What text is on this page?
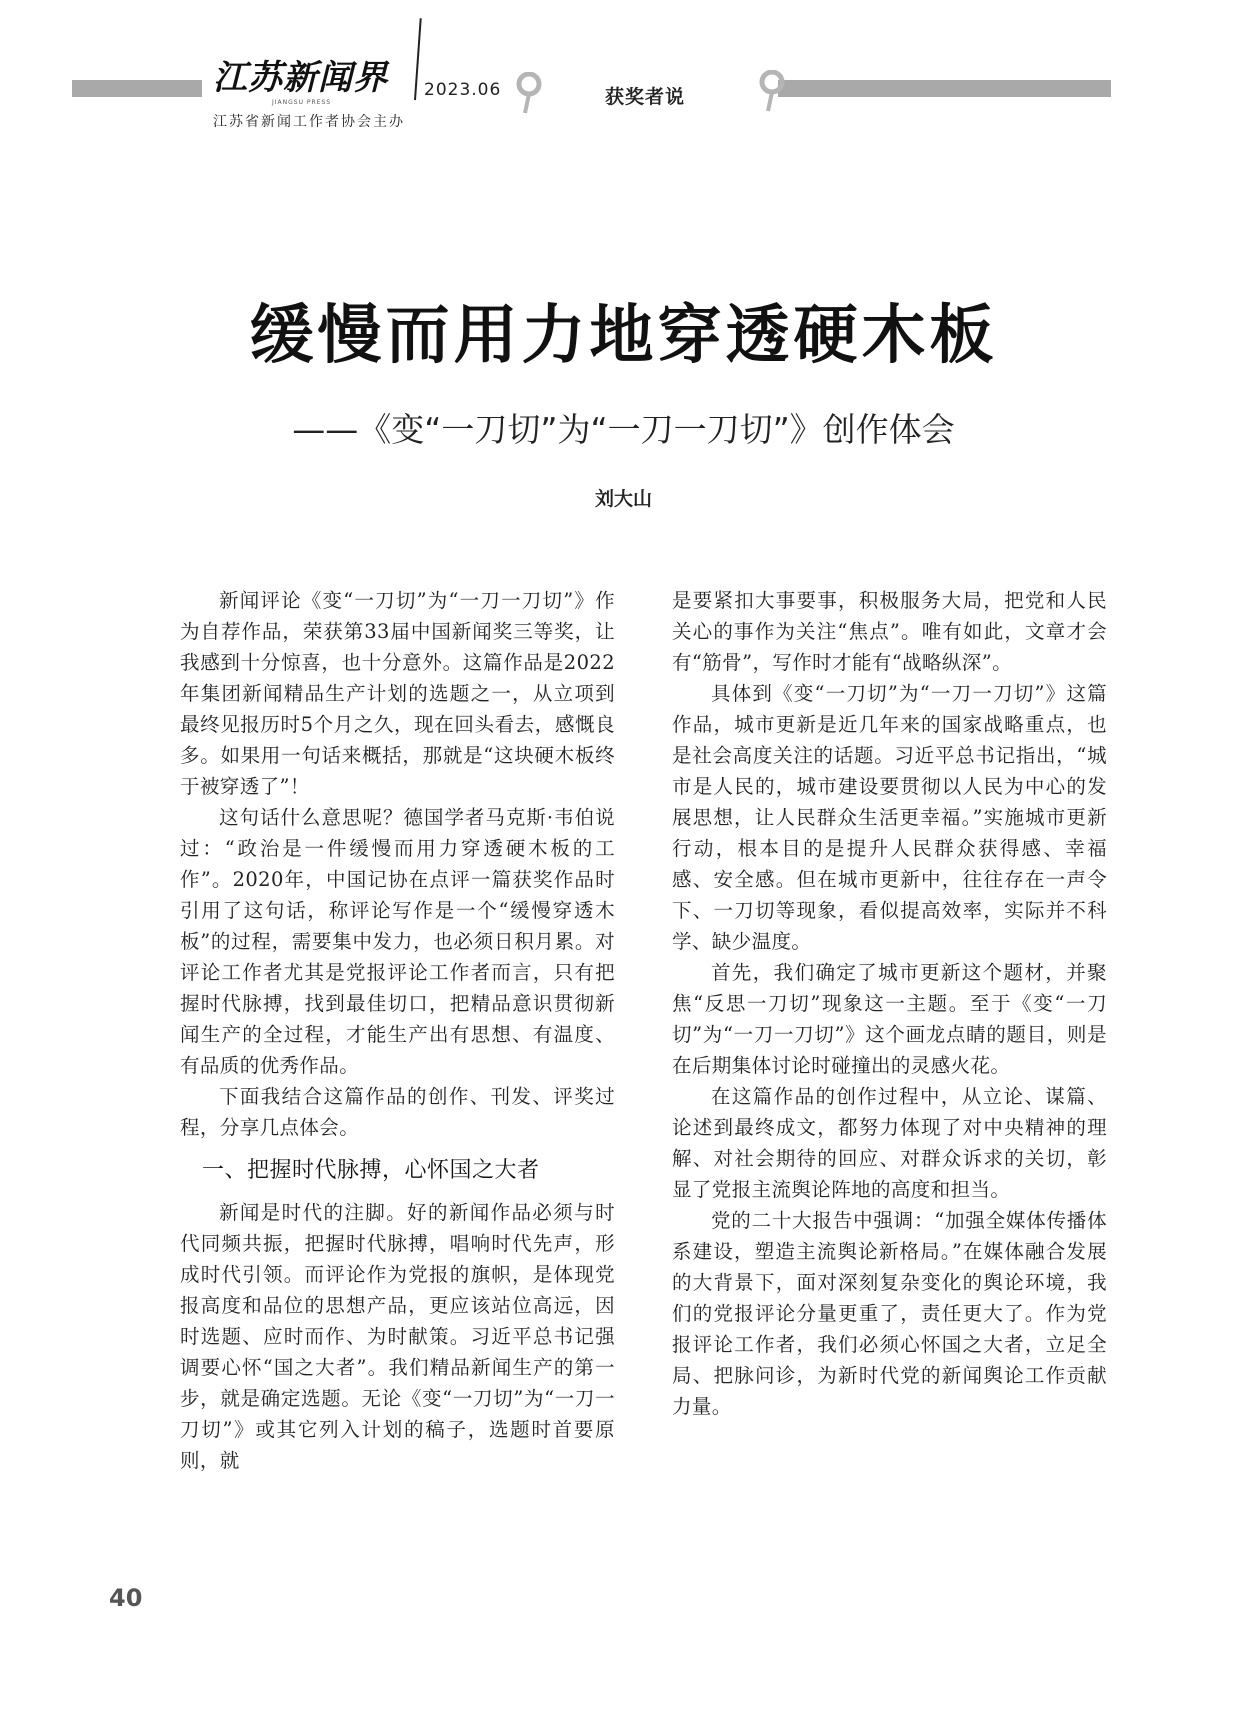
江苏新闻界
JIANGSU PRESS
2023.06
江苏省新闻工作者协会主办
获奖者说
缓慢而用力地穿透硬木板
——《变“一刀切”为“一刀一刀切”》创作体会
刘大山

新闻评论《变“一刀切”为“一刀一刀切”》作为自荐作品，荣获第33届中国新闻奖三等奖，让我感到十分惊喜，也十分意外。这篇作品是2022年集团新闻精品生产计划的选题之一，从立项到最终见报历时5个月之久，现在回头看去，感慨良多。如果用一句话来概括，那就是“这块硬木板终于被穿透了”！

这句话什么意思呢？德国学者马克斯·韦伯说过：“政治是一件缓慢而用力穿透硬木板的工作”。2020年，中国记协在点评一篇获奖作品时引用了这句话，称评论写作是一个“缓慢穿透木板”的过程，需要集中发力，也必须日积月累。对评论工作者尤其是党报评论工作者而言，只有把握时代脉搏，找到最佳切口，把精品意识贯彻新闻生产的全过程，才能生产出有思想、有温度、有品质的优秀作品。

下面我结合这篇作品的创作、刊发、评奖过程，分享几点体会。

一、把握时代脉搏，心怀国之大者

新闻是时代的注脚。好的新闻作品必须与时代同频共振，把握时代脉搏，唱响时代先声，形成时代引领。而评论作为党报的旗帜，是体现党报高度和品位的思想产品，更应该站位高远，因时选题、应时而作、为时献策。习近平总书记强调要心怀“国之大者”。我们精品新闻生产的第一步，就是确定选题。无论《变“一刀切”为“一刀一刀切”》或其它列入计划的稿子，选题时首要原则，就

是要紧扣大事要事，积极服务大局，把党和人民关心的事作为关注“焦点”。唯有如此，文章才会有“筋骨”，写作时才能有“战略纵深”。

具体到《变“一刀切”为“一刀一刀切”》这篇作品，城市更新是近几年来的国家战略重点，也是社会高度关注的话题。习近平总书记指出，“城市是人民的，城市建设要贯彻以人民为中心的发展思想，让人民群众生活更幸福。”实施城市更新行动，根本目的是提升人民群众获得感、幸福感、安全感。但在城市更新中，往往存在一声令下、一刀切等现象，看似提高效率，实际并不科学、缺少温度。

首先，我们确定了城市更新这个题材，并聚焦“反思一刀切”现象这一主题。至于《变“一刀切”为“一刀一刀切”》这个画龙点睛的题目，则是在后期集体讨论时碰撞出的灵感火花。

在这篇作品的创作过程中，从立论、谋篇、论述到最终成文，都努力体现了对中央精神的理解、对社会期待的回应、对群众诉求的关切，彰显了党报主流舆论阵地的高度和担当。

党的二十大报告中强调：“加强全媒体传播体系建设，塑造主流舆论新格局。”在媒体融合发展的大背景下，面对深刻复杂变化的舆论环境，我们的党报评论分量更重了，责任更大了。作为党报评论工作者，我们必须心怀国之大者，立足全局、把脉问诊，为新时代党的新闻舆论工作贡献力量。

40
